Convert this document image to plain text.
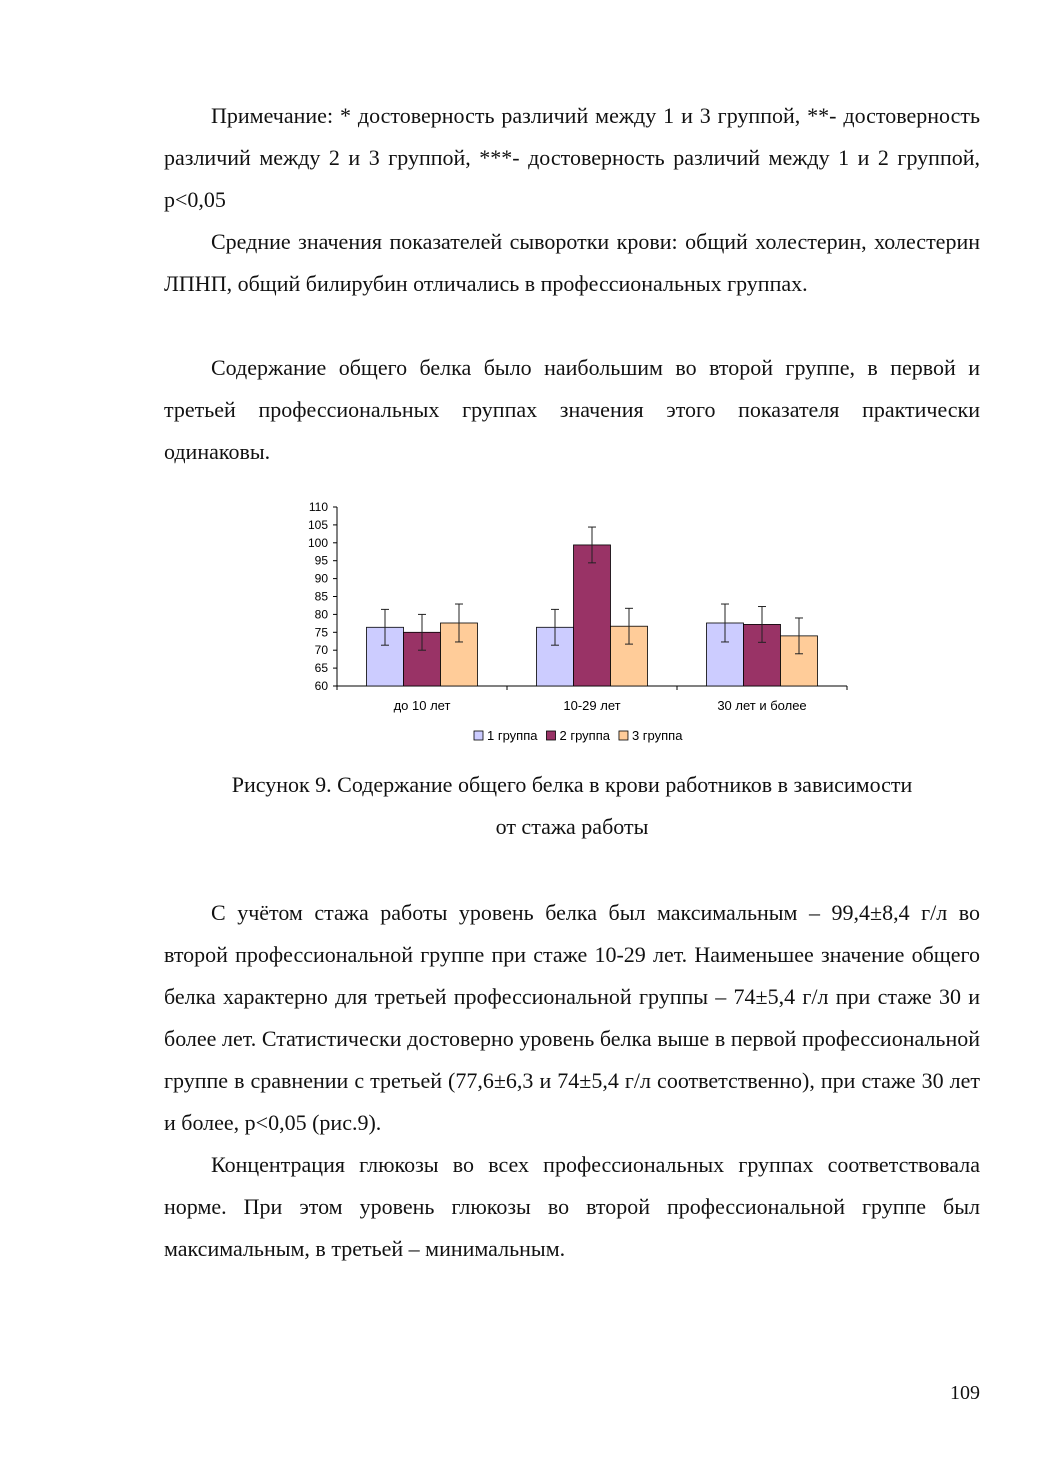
Примечание: * достоверность различий между 1 и 3 группой, **- достоверность различий между 2 и 3 группой, ***- достоверность различий между 1 и 2 группой, р<0,05

Средние значения показателей сыворотки крови: общий холестерин, холестерин ЛПНП, общий билирубин отличались в профессиональных группах.

Содержание общего белка было наибольшим во второй группе, в первой и третьей профессиональных группах значения этого показателя практически одинаковы.

60
65
70
75
80
85
90
95
100
105
110
до 10 лет	10-29 лет	30 лет и более
1 группа 2 группа 3 группа

Рисунок 9. Содержание общего белка в крови работников в зависимости
от стажа работы

С учётом стажа работы уровень белка был максимальным – 99,4±8,4 г/л во второй профессиональной группе при стаже 10-29 лет. Наименьшее значение общего белка характерно для третьей профессиональной группы – 74±5,4 г/л при стаже 30 и более лет. Статистически достоверно уровень белка выше в первой профессиональной группе в сравнении с третьей (77,6±6,3 и 74±5,4 г/л соответственно), при стаже 30 лет и более, р<0,05 (рис.9).

Концентрация глюкозы во всех профессиональных группах соответствовала норме. При этом уровень глюкозы во второй профессиональной группе был максимальным, в третьей – минимальным.

109
